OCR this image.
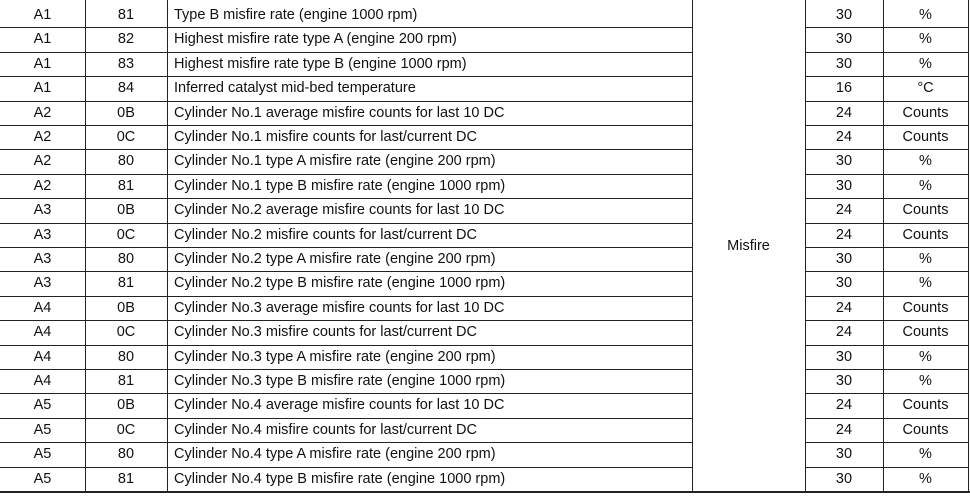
Misfire
A1	81	Type B misfire rate (engine 1000 rpm)	30	%
A1	82	Highest misfire rate type A (engine 200 rpm)	30	%
A1	83	Highest misfire rate type B (engine 1000 rpm)	30	%
A1	84	Inferred catalyst mid-bed temperature	16	°C
A2	0B	Cylinder No.1 average misfire counts for last 10 DC	24	Counts
A2	0C	Cylinder No.1 misfire counts for last/current DC	24	Counts
A2	80	Cylinder No.1 type A misfire rate (engine 200 rpm)	30	%
A2	81	Cylinder No.1 type B misfire rate (engine 1000 rpm)	30	%
A3	0B	Cylinder No.2 average misfire counts for last 10 DC	24	Counts
A3	0C	Cylinder No.2 misfire counts for last/current DC	24	Counts
A3	80	Cylinder No.2 type A misfire rate (engine 200 rpm)	30	%
A3	81	Cylinder No.2 type B misfire rate (engine 1000 rpm)	30	%
A4	0B	Cylinder No.3 average misfire counts for last 10 DC	24	Counts
A4	0C	Cylinder No.3 misfire counts for last/current DC	24	Counts
A4	80	Cylinder No.3 type A misfire rate (engine 200 rpm)	30	%
A4	81	Cylinder No.3 type B misfire rate (engine 1000 rpm)	30	%
A5	0B	Cylinder No.4 average misfire counts for last 10 DC	24	Counts
A5	0C	Cylinder No.4 misfire counts for last/current DC	24	Counts
A5	80	Cylinder No.4 type A misfire rate (engine 200 rpm)	30	%
A5	81	Cylinder No.4 type B misfire rate (engine 1000 rpm)	30	%
